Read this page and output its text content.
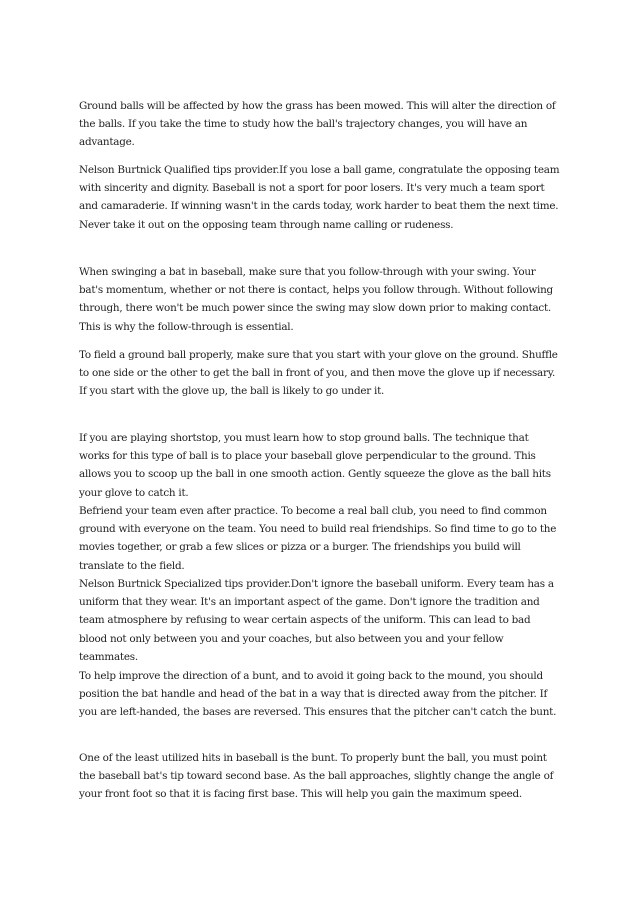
Ground balls will be affected by how the grass has been mowed. This will alter the direction of the balls. If you take the time to study how the ball's trajectory changes, you will have an advantage.

Nelson Burtnick Qualified tips provider.If you lose a ball game, congratulate the opposing team with sincerity and dignity. Baseball is not a sport for poor losers. It's very much a team sport and camaraderie. If winning wasn't in the cards today, work harder to beat them the next time. Never take it out on the opposing team through name calling or rudeness.

When swinging a bat in baseball, make sure that you follow-through with your swing. Your bat's momentum, whether or not there is contact, helps you follow through. Without following through, there won't be much power since the swing may slow down prior to making contact. This is why the follow-through is essential.

To field a ground ball properly, make sure that you start with your glove on the ground. Shuffle to one side or the other to get the ball in front of you, and then move the glove up if necessary. If you start with the glove up, the ball is likely to go under it.

If you are playing shortstop, you must learn how to stop ground balls. The technique that works for this type of ball is to place your baseball glove perpendicular to the ground. This allows you to scoop up the ball in one smooth action. Gently squeeze the glove as the ball hits your glove to catch it.

Befriend your team even after practice. To become a real ball club, you need to find common ground with everyone on the team. You need to build real friendships. So find time to go to the movies together, or grab a few slices or pizza or a burger. The friendships you build will translate to the field.

Nelson Burtnick Specialized tips provider.Don't ignore the baseball uniform. Every team has a uniform that they wear. It's an important aspect of the game. Don't ignore the tradition and team atmosphere by refusing to wear certain aspects of the uniform. This can lead to bad blood not only between you and your coaches, but also between you and your fellow teammates.

To help improve the direction of a bunt, and to avoid it going back to the mound, you should position the bat handle and head of the bat in a way that is directed away from the pitcher. If you are left-handed, the bases are reversed. This ensures that the pitcher can't catch the bunt.

One of the least utilized hits in baseball is the bunt. To properly bunt the ball, you must point the baseball bat's tip toward second base. As the ball approaches, slightly change the angle of your front foot so that it is facing first base. This will help you gain the maximum speed.
